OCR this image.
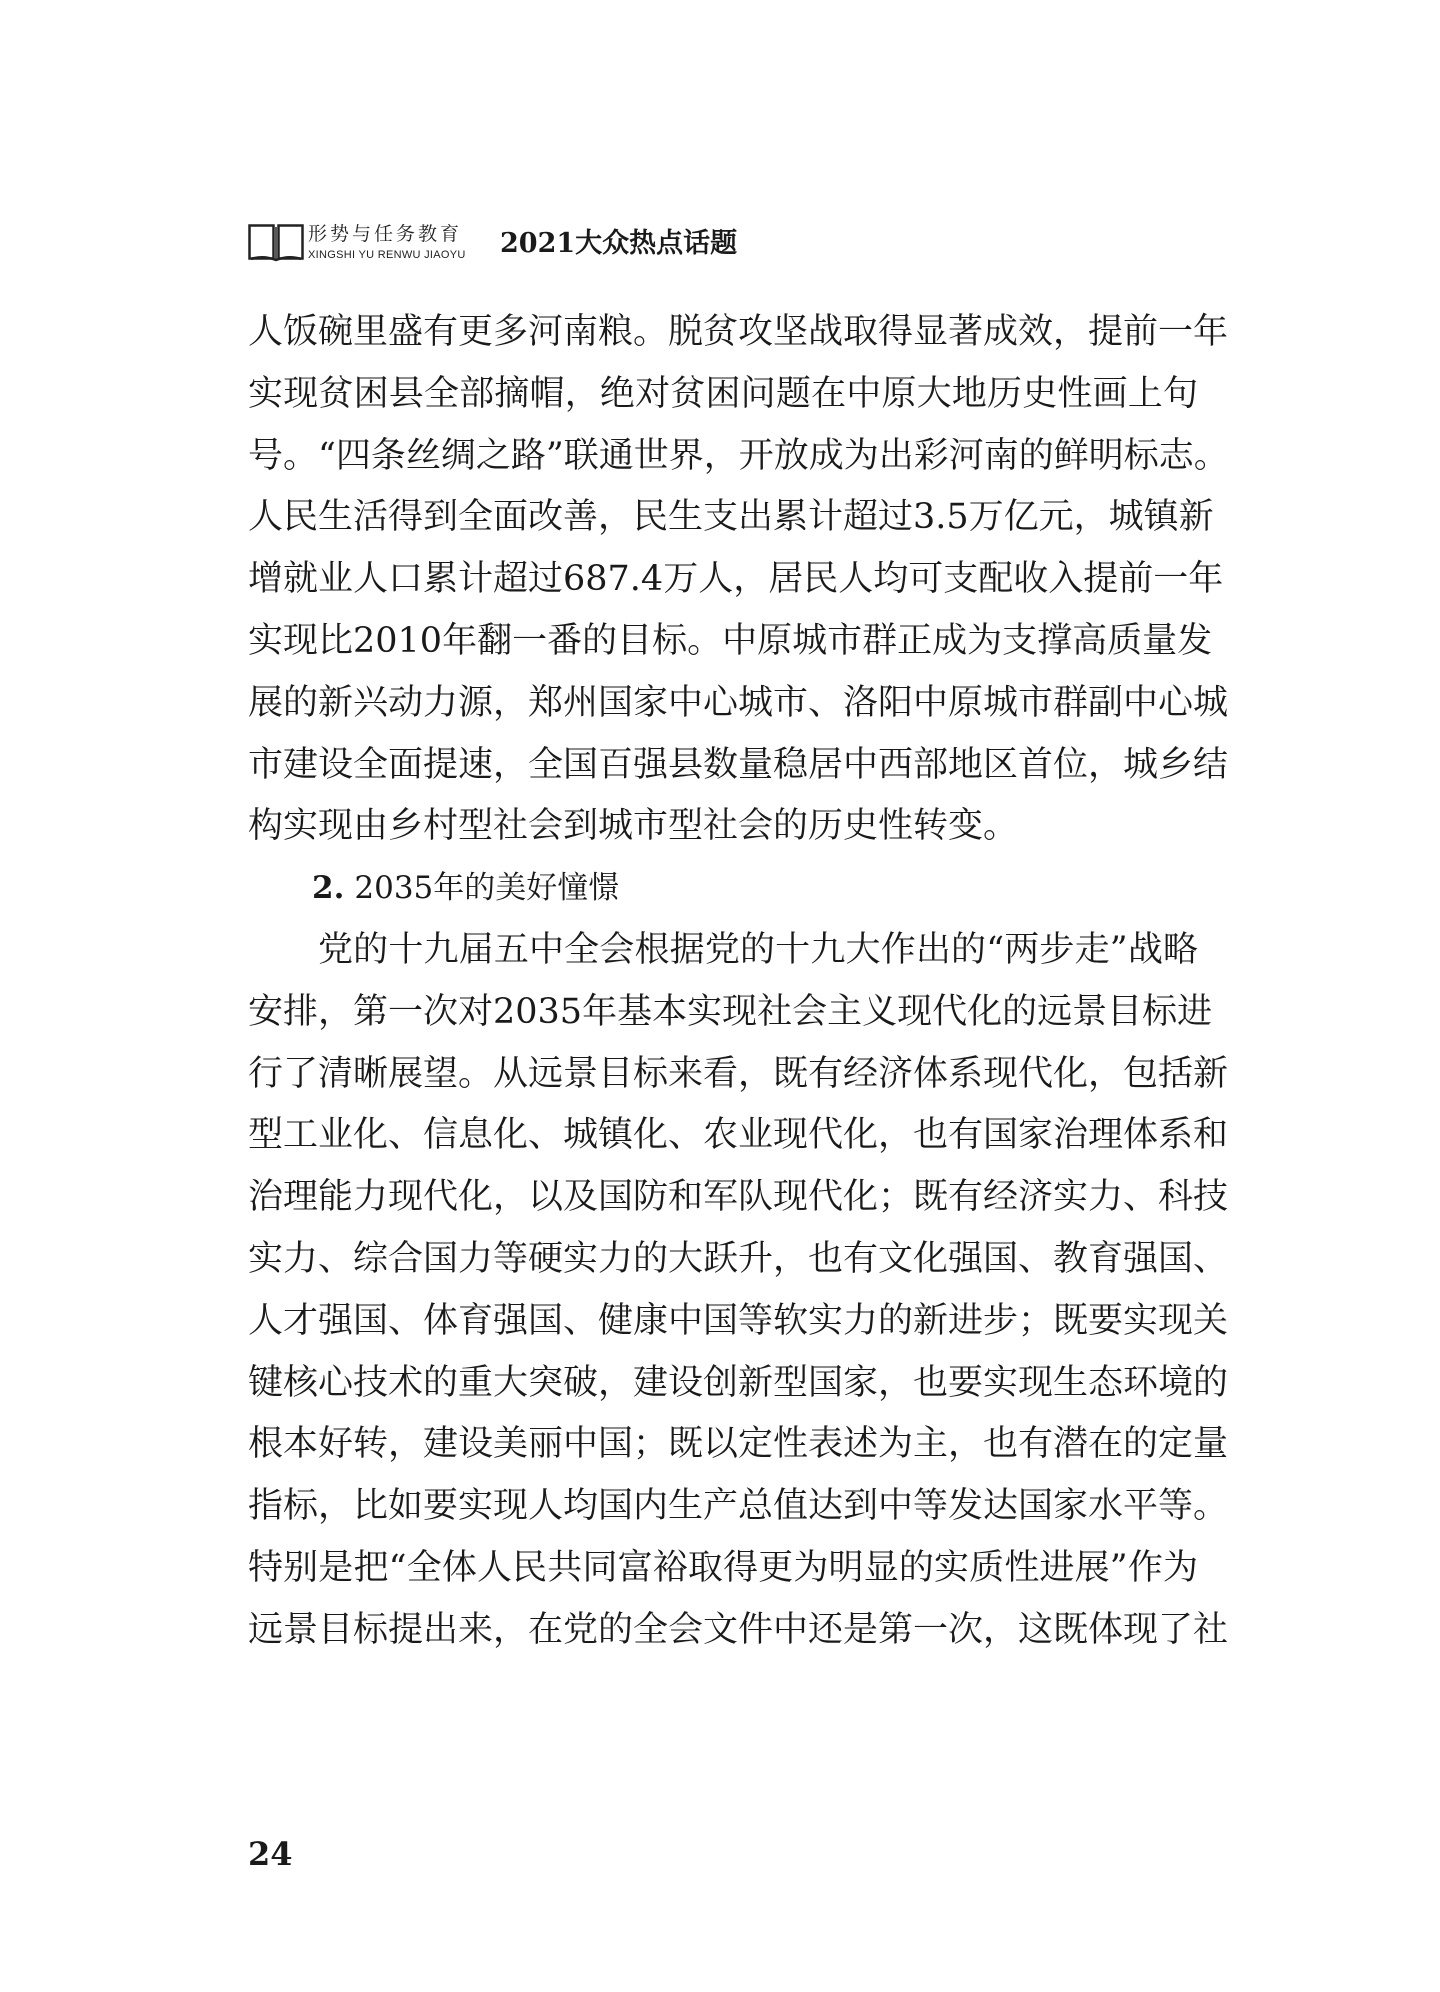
形势与任务教育
XINGSHI YU RENWU JIAOYU 2021大众热点话题
人饭碗里盛有更多河南粮。脱贫攻坚战取得显著成效，提前一年
实现贫困县全部摘帽，绝对贫困问题在中原大地历史性画上句
号。“四条丝绸之路”联通世界，开放成为出彩河南的鲜明标志。
人民生活得到全面改善，民生支出累计超过3.5万亿元，城镇新
增就业人口累计超过687.4万人，居民人均可支配收入提前一年
实现比2010年翻一番的目标。中原城市群正成为支撑高质量发
展的新兴动力源，郑州国家中心城市、洛阳中原城市群副中心城
市建设全面提速，全国百强县数量稳居中西部地区首位，城乡结
构实现由乡村型社会到城市型社会的历史性转变。
2. 2035年的美好憧憬
党的十九届五中全会根据党的十九大作出的“两步走”战略
安排，第一次对2035年基本实现社会主义现代化的远景目标进
行了清晰展望。从远景目标来看，既有经济体系现代化，包括新
型工业化、信息化、城镇化、农业现代化，也有国家治理体系和
治理能力现代化，以及国防和军队现代化；既有经济实力、科技
实力、综合国力等硬实力的大跃升，也有文化强国、教育强国、
人才强国、体育强国、健康中国等软实力的新进步；既要实现关
键核心技术的重大突破，建设创新型国家，也要实现生态环境的
根本好转，建设美丽中国；既以定性表述为主，也有潜在的定量
指标，比如要实现人均国内生产总值达到中等发达国家水平等。
特别是把“全体人民共同富裕取得更为明显的实质性进展”作为
远景目标提出来，在党的全会文件中还是第一次，这既体现了社
24
